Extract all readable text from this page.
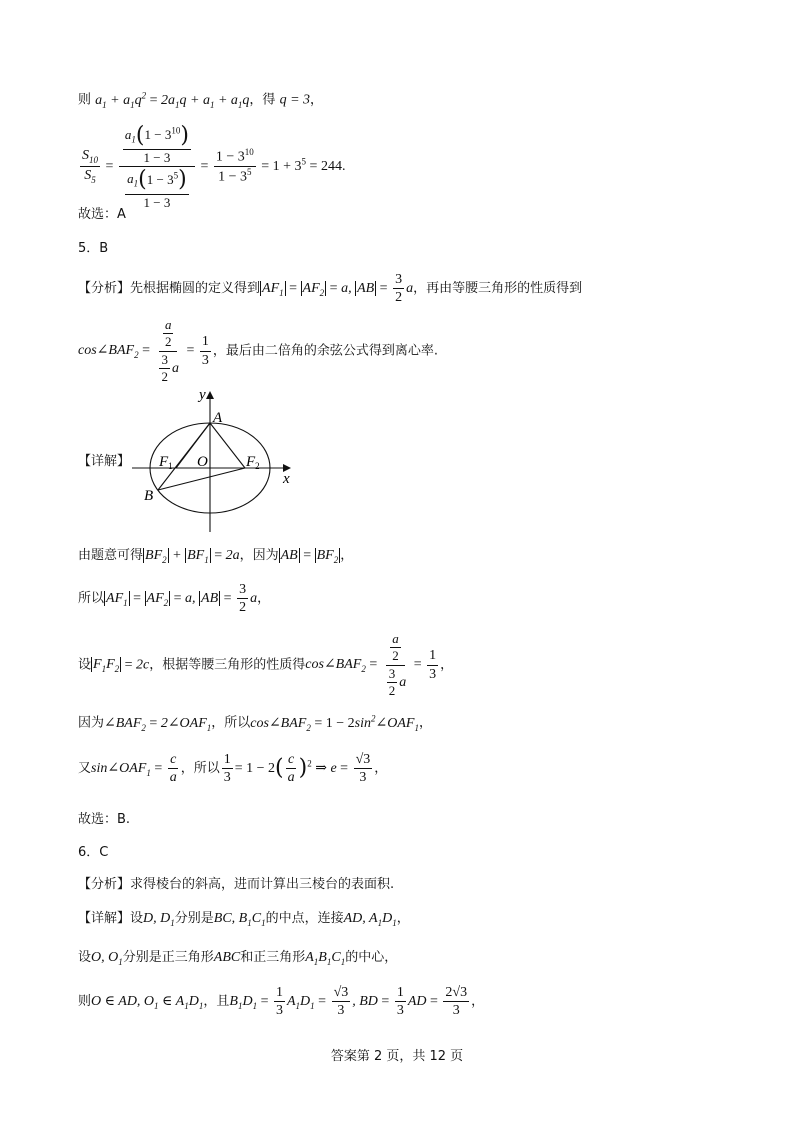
则 $a_1 + a_1q^2 = 2a_1q + a_1 + a_1q$，得 q = 3，
$\frac{S_{10}}{S_5} = \frac{\frac{a_1(1 - 3^{10})}{1 - 3}}{\frac{a_1(1 - 3^5)}{1 - 3}} = \frac{1 - 3^{10}}{1 - 3^5} = 1 + 3^5 = 244$.
故选：A
5．B
【分析】先根据椭圆的定义得到 $AF_1 = AF_2 = a$, AB = $\frac{3}{2}$ a，再由等腰三角形的性质得到
$\cos\angle BAF_2 = \frac{\frac{a}{2}}{\frac{3}{2} a} = \frac{1}{3}$ ，最后由二倍角的余弦公式得到离心率.
【详解】
y
A
$F_1$ O	$F_2$
x
B
由题意可得 $BF_2 + BF_1 = 2a$，因为 AB = $BF_2$ ，
所以 $AF_1 = AF_2 = a$, AB = $\frac{3}{2}$ a，
设 $F_1F_2 = 2c$，根据等腰三角形的性质得$\cos\angle BAF_2 = \frac{\frac{a}{2}}{\frac{3}{2} a} = \frac{1}{3}$ ，
因为$\angle BAF_2$ = $2\angle OAF_1$，所以$\cos\angle BAF_2 = 1$ − $2\sin^2\angle OAF_1$，
又$\sin\angle OAF_1 = \frac{c}{a}$ ，所以 $\frac{1}{3} = 1 - 2( \frac{c}{a} )^2$ ⇒ $e = \frac{√3}{3}$ ，
故选：B.
6．C
【分析】求得棱台的斜高，进而计算出三棱台的表面积.
【详解】设D, $D_1$分别是BC, $B_1C_1$的中点，连接AD, $A_1D_1$，
设O, $O_1$分别是正三角形ABC和正三角形$A_1B_1C_1$的中心，
则O ∈ AD, $O_1$ ∈ $A_1D_1$，且$B_1D_1 = \frac{1}{3} A_1D_1 = \frac{√3}{3}$ , BD = $\frac{1}{3}$ AD = $\frac{2√3}{3}$ ，
答案第 2 页，共 12 页
